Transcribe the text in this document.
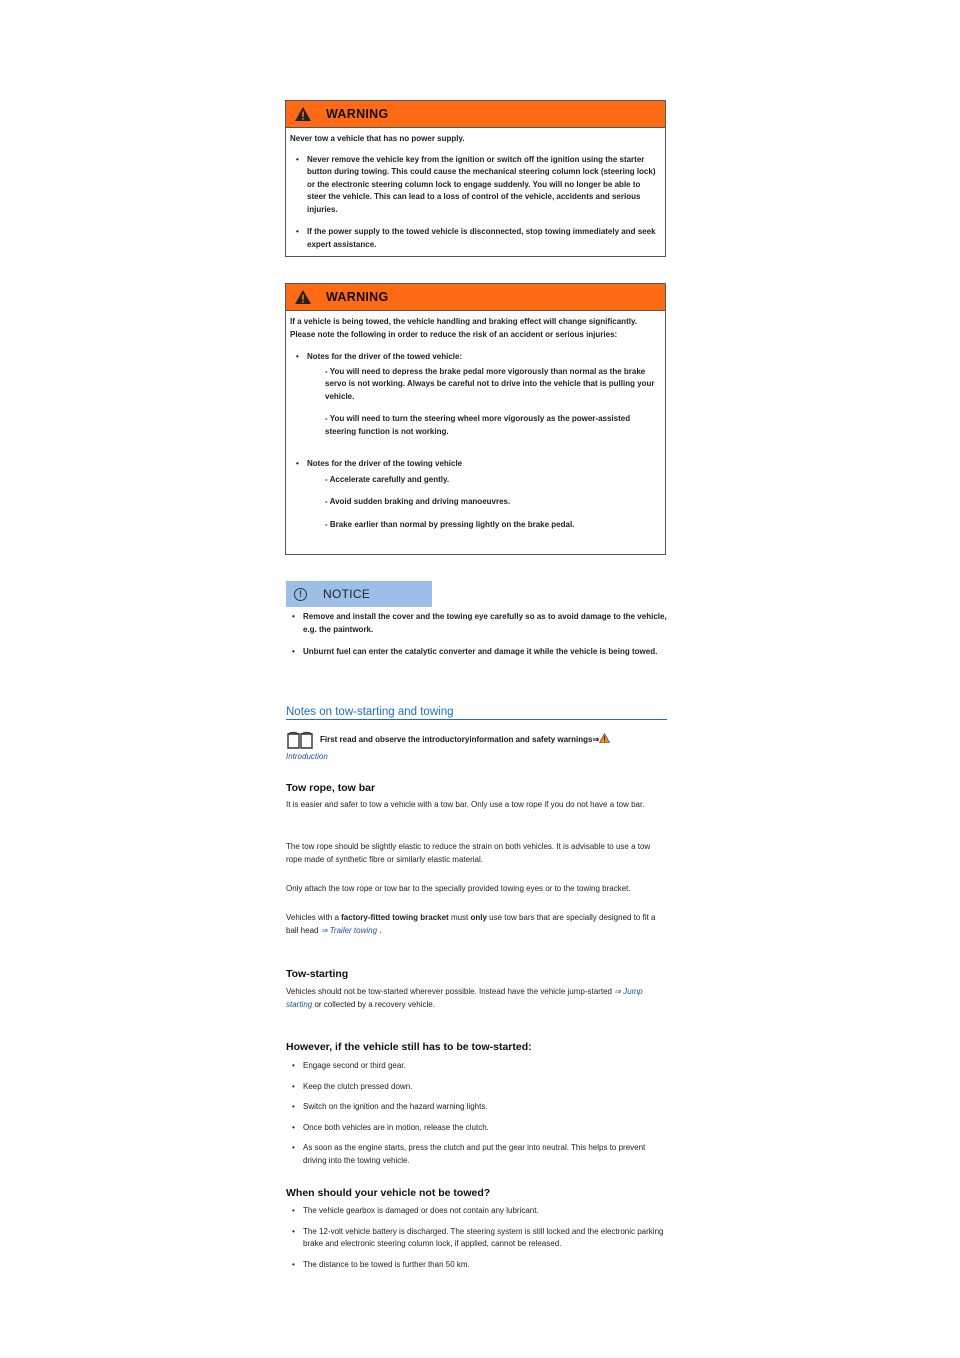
WARNING

Never tow a vehicle that has no power supply.

• Never remove the vehicle key from the ignition or switch off the ignition using the starter button during towing. This could cause the mechanical steering column lock (steering lock) or the electronic steering column lock to engage suddenly. You will no longer be able to steer the vehicle. This can lead to a loss of control of the vehicle, accidents and serious injuries.
• If the power supply to the towed vehicle is disconnected, stop towing immediately and seek expert assistance.
WARNING

If a vehicle is being towed, the vehicle handling and braking effect will change significantly. Please note the following in order to reduce the risk of an accident or serious injuries:

• Notes for the driver of the towed vehicle:
- You will need to depress the brake pedal more vigorously than normal as the brake servo is not working. Always be careful not to drive into the vehicle that is pulling your vehicle.
- You will need to turn the steering wheel more vigorously as the power-assisted steering function is not working.
• Notes for the driver of the towing vehicle
- Accelerate carefully and gently.
- Avoid sudden braking and driving manoeuvres.
- Brake earlier than normal by pressing lightly on the brake pedal.
!	NOTICE
• Remove and install the cover and the towing eye carefully so as to avoid damage to the vehicle, e.g. the paintwork.
• Unburnt fuel can enter the catalytic converter and damage it while the vehicle is being towed.
Notes on tow-starting and towing
First read and observe the introductoryinformation and safety warnings⇒
Introduction
Tow rope, tow bar
It is easier and safer to tow a vehicle with a tow bar. Only use a tow rope if you do not have a tow bar.
The tow rope should be slightly elastic to reduce the strain on both vehicles. It is advisable to use a tow rope made of synthetic fibre or similarly elastic material.
Only attach the tow rope or tow bar to the specially provided towing eyes or to the towing bracket.
Vehicles with a factory-fitted towing bracket must only use tow bars that are specially designed to fit a ball head ⇒ Trailer towing .
Tow-starting
Vehicles should not be tow-started wherever possible. Instead have the vehicle jump-started ⇒ Jump starting or collected by a recovery vehicle.
However, if the vehicle still has to be tow-started:
• Engage second or third gear.
• Keep the clutch pressed down.
• Switch on the ignition and the hazard warning lights.
• Once both vehicles are in motion, release the clutch.
• As soon as the engine starts, press the clutch and put the gear into neutral. This helps to prevent driving into the towing vehicle.
When should your vehicle not be towed?
• The vehicle gearbox is damaged or does not contain any lubricant.
• The 12-volt vehicle battery is discharged. The steering system is still locked and the electronic parking brake and electronic steering column lock, if applied, cannot be released.
• The distance to be towed is further than 50 km.
